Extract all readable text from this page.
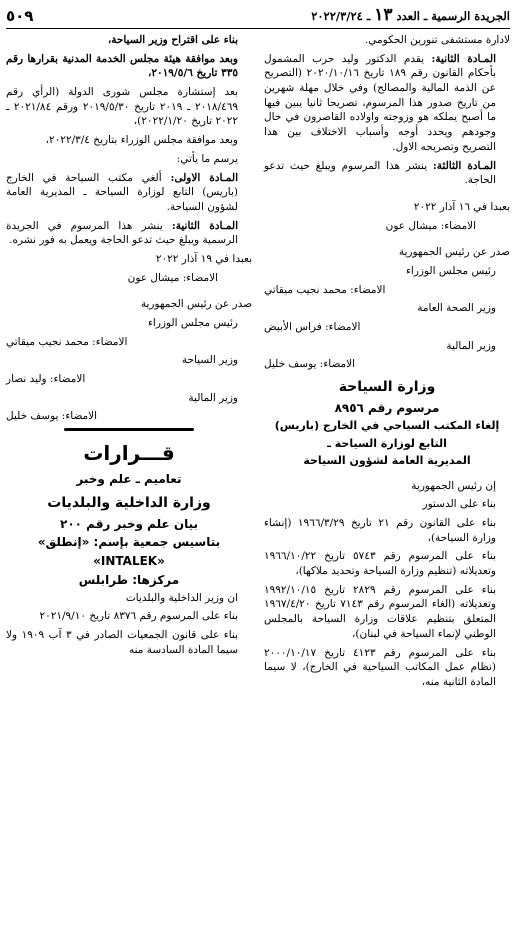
الجريدة الرسمية ـ العدد ١٣ ـ ٢٠٢٢/٣/٢٤
٥٠٩

لادارة مستشفى تنورين الحكومي.

المـادة الثانية: يقدم الدكتور وليد حرب المشمول بأحكام القانون رقم ١٨٩ تاريخ ٢٠٢٠/١٠/١٦ (التصريح عن الذمة المالية والمصالح) وفي خلال مهلة شهرين من تاريخ صدور هذا المرسوم، تصريحا ثانيا يبين فيها ما أصبح يملكه هو وزوجته واولاده القاصرون في حال وجودهم ويحدد أوجه وأسباب الاختلاف بين هذا التصريح وتصريحه الاول.

المـادة الثالثة: ينشر هذا المرسوم ويبلغ حيث تدعو الحاجة.

بعبدا في ١٦ آذار ٢٠٢٢

الامضاء: ميشال عون

صدر عن رئيس الجمهورية

رئيس مجلس الوزراء

الامضاء: محمد نجيب ميقاتي

وزير الصحة العامة

الامضاء: فراس الأبيض

وزير المالية

الامضاء: يوسف خليل

وزارة السياحة
مرسوم رقم ٨٩٥٦
إلغاء المكتب السياحي في الخارج (باريس)
التابع لوزارة السياحة ـ
المديرية العامة لشؤون السياحة

إن رئيس الجمهورية

بناء على الدستور

بناء على القانون رقم ٢١ تاريخ ١٩٦٦/٣/٢٩ (إنشاء وزارة السياحة)،

بناء على المرسوم رقم ٥٧٤٣ تاريخ ١٩٦٦/١٠/٢٢ وتعديلاته (تنظيم وزارة السياحة وتحديد ملاكها)،

بناء على المرسوم رقم ٢٨٢٩ تاريخ ١٩٩٢/١٠/١٥ وتعديلاته (الغاء المرسوم رقم ٧١٤٣ تاريخ ١٩٦٧/٤/٢٠ المتعلق بتنظيم علاقات وزارة السياحة بالمجلس الوطني لإنماء السياحة في لبنان)،

بناء على المرسوم رقم ٤١٢٣ تاريخ ٢٠٠٠/١٠/١٧ (نظام عمل المكاتب السياحية في الخارج)، لا سيما المادة الثانية منه،

بناء على اقتراح وزير السياحة،

وبعد موافقة هيئة مجلس الخدمة المدنية بقرارها رقم ٣٣٥ تاريخ ٢٠١٩/٥/٦،

بعد إستشارة مجلس شورى الدولة (الرأي رقم ٢٠١٨/٤٦٩ ـ ٢٠١٩ تاريخ ٢٠١٩/٥/٣٠ ورقم ٢٠٢١/٨٤ ـ ٢٠٢٢ تاريخ ٢٠٢٢/١/٢٠)،

وبعد موافقة مجلس الوزراء بتاريخ ٢٠٢٢/٣/٤،

يرسم ما يأتي:

المـادة الاولى: ألغي مكتب السياحة في الخارج (باريس) التابع لوزارة السياحة ـ المديرية العامة لشؤون السياحة.

المـادة الثانية: ينشر هذا المرسوم في الجريدة الرسمية ويبلغ حيث تدعو الحاجة ويعمل به فور نشره.

بعبدا في ١٩ آذار ٢٠٢٢

الامضاء: ميشال عون

صدر عن رئيس الجمهورية

رئيس مجلس الوزراء

الامضاء: محمد نجيب ميقاتي

وزير السياحة

الامضاء: وليد نصار

وزير المالية

الامضاء: يوسف خليل

قـــرارات
تعاميم ـ علم وخبر
وزارة الداخلية والبلديات
بيان علم وخبر رقم ٢٠٠
بتاسيس جمعية بإسم: «إنطلق»
«INTALEK»
مركزها: طرابلس

ان وزير الداخلية والبلديات

بناء على المرسوم رقم ٨٣٧٦ تاريخ ٢٠٢١/٩/١٠

بناء على قانون الجمعيات الصادر في ٣ آب ١٩٠٩ ولا سيما المادة السادسة منه
